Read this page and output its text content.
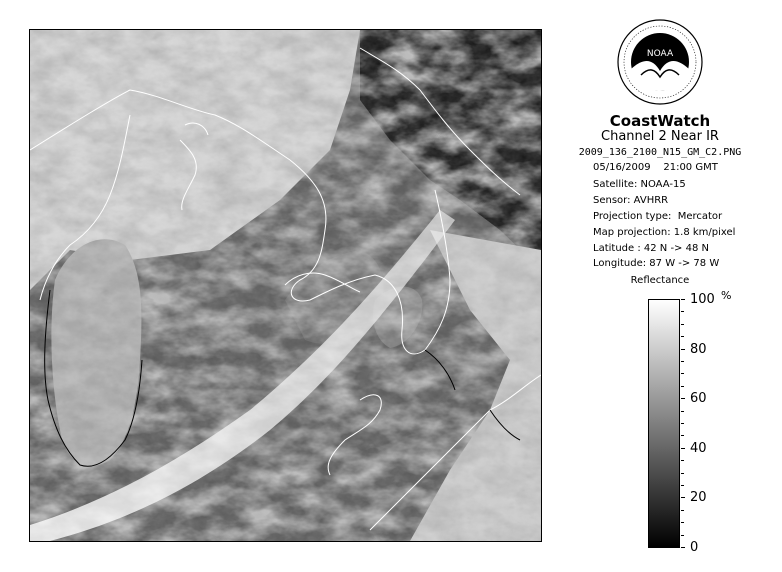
NOAA
CoastWatch
Channel 2 Near IR
2009_136_2100_N15_GM_C2.PNG
05/16/2009    21:00 GMT
Satellite: NOAA-15
Sensor: AVHRR
Projection type:  Mercator
Map projection: 1.8 km/pixel
Latitude : 42 N -> 48 N
Longitude: 87 W -> 78 W
Reflectance
%
100
80
60
40
20
0
